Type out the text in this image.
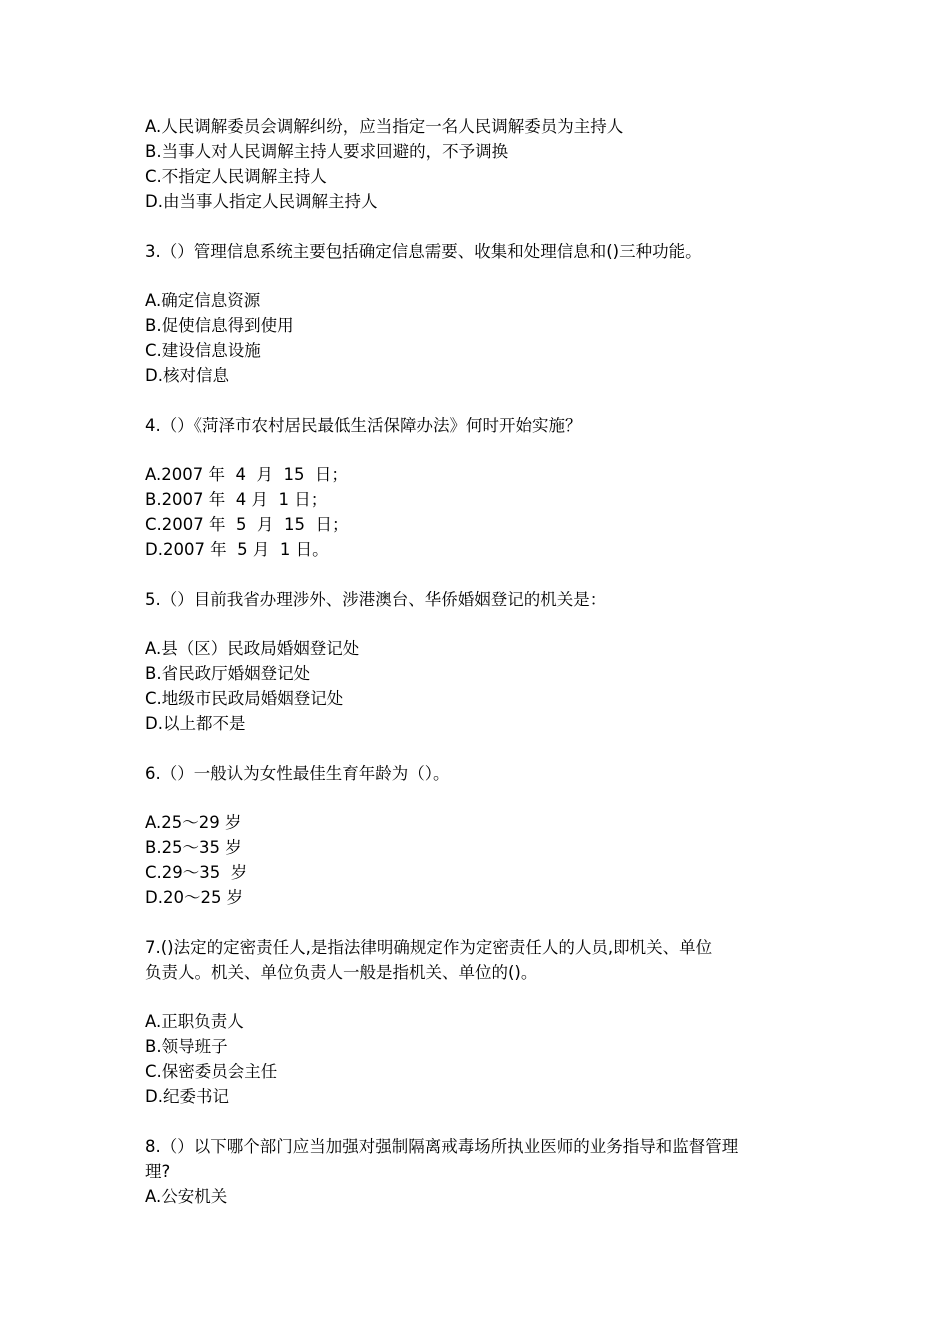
A.人民调解委员会调解纠纷，应当指定一名人民调解委员为主持人
B.当事人对人民调解主持人要求回避的，不予调换
C.不指定人民调解主持人
D.由当事人指定人民调解主持人
3.（）管理信息系统主要包括确定信息需要、收集和处理信息和()三种功能。
A.确定信息资源
B.促使信息得到使用
C.建设信息设施
D.核对信息
4.（）《菏泽市农村居民最低生活保障办法》何时开始实施？
A.2007 年  4  月  15  日；
B.2007 年  4 月  1 日；
C.2007 年  5  月  15  日；
D.2007 年  5 月  1 日。
5.（）目前我省办理涉外、涉港澳台、华侨婚姻登记的机关是：
A.县（区）民政局婚姻登记处
B.省民政厅婚姻登记处
C.地级市民政局婚姻登记处
D.以上都不是
6.（）一般认为女性最佳生育年龄为（）。
A.25～29 岁
B.25～35 岁
C.29～35  岁
D.20～25 岁
7.()法定的定密责任人,是指法律明确规定作为定密责任人的人员,即机关、单位
负责人。机关、单位负责人一般是指机关、单位的()。
A.正职负责人
B.领导班子
C.保密委员会主任
D.纪委书记
8.（）以下哪个部门应当加强对强制隔离戒毒场所执业医师的业务指导和监督管理
理?
A.公安机关
